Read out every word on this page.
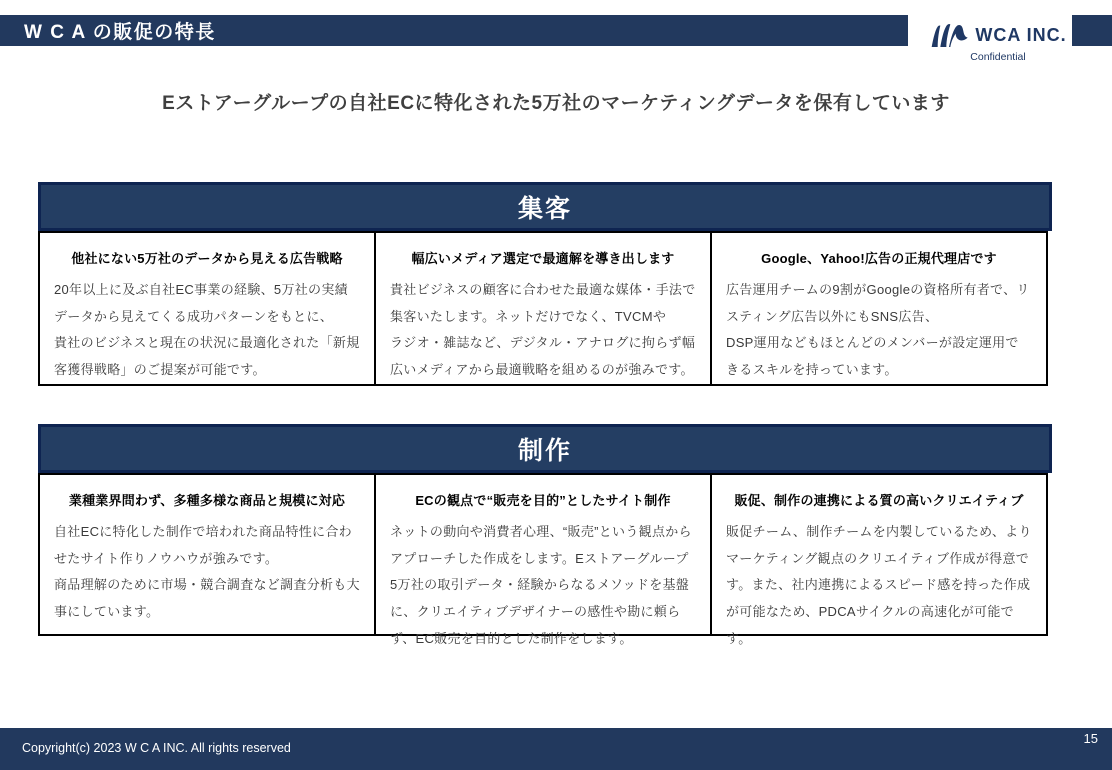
W C A の販促の特長	WCA INC.
Confidential
Eストアーグループの自社ECに特化された5万社のマーケティングデータを保有しています
集客
他社にない5万社のデータから見える広告戦略
20年以上に及ぶ自社EC事業の経験、5万社の実績データから見えてくる成功パターンをもとに、
貴社のビジネスと現在の状況に最適化された「新規客獲得戦略」のご提案が可能です。
幅広いメディア選定で最適解を導き出します
貴社ビジネスの顧客に合わせた最適な媒体・手法で集客いたします。ネットだけでなく、TVCMや
ラジオ・雑誌など、デジタル・アナログに拘らず幅広いメディアから最適戦略を組めるのが強みです。
Google、Yahoo!広告の正規代理店です
広告運用チームの9割がGoogleの資格所有者で、リスティング広告以外にもSNS広告、
DSP運用などもほとんどのメンバーが設定運用できるスキルを持っています。
制作
業種業界問わず、多種多様な商品と規模に対応
自社ECに特化した制作で培われた商品特性に合わせたサイト作りノウハウが強みです。
商品理解のために市場・競合調査など調査分析も大事にしています。
ECの観点で“販売を目的”としたサイト制作
ネットの動向や消費者心理、“販売”という観点からアプローチした作成をします。Eストアーグループ5万社の取引データ・経験からなるメソッドを基盤に、クリエイティブデザイナーの感性や勘に頼らず、EC販売を目的とした制作をします。
販促、制作の連携による質の高いクリエイティブ
販促チーム、制作チームを内製しているため、よりマーケティング観点のクリエイティブ作成が得意です。また、社内連携によるスピード感を持った作成が可能なため、PDCAサイクルの高速化が可能です。
Copyright(c) 2023 W C A INC. All rights reserved
15
